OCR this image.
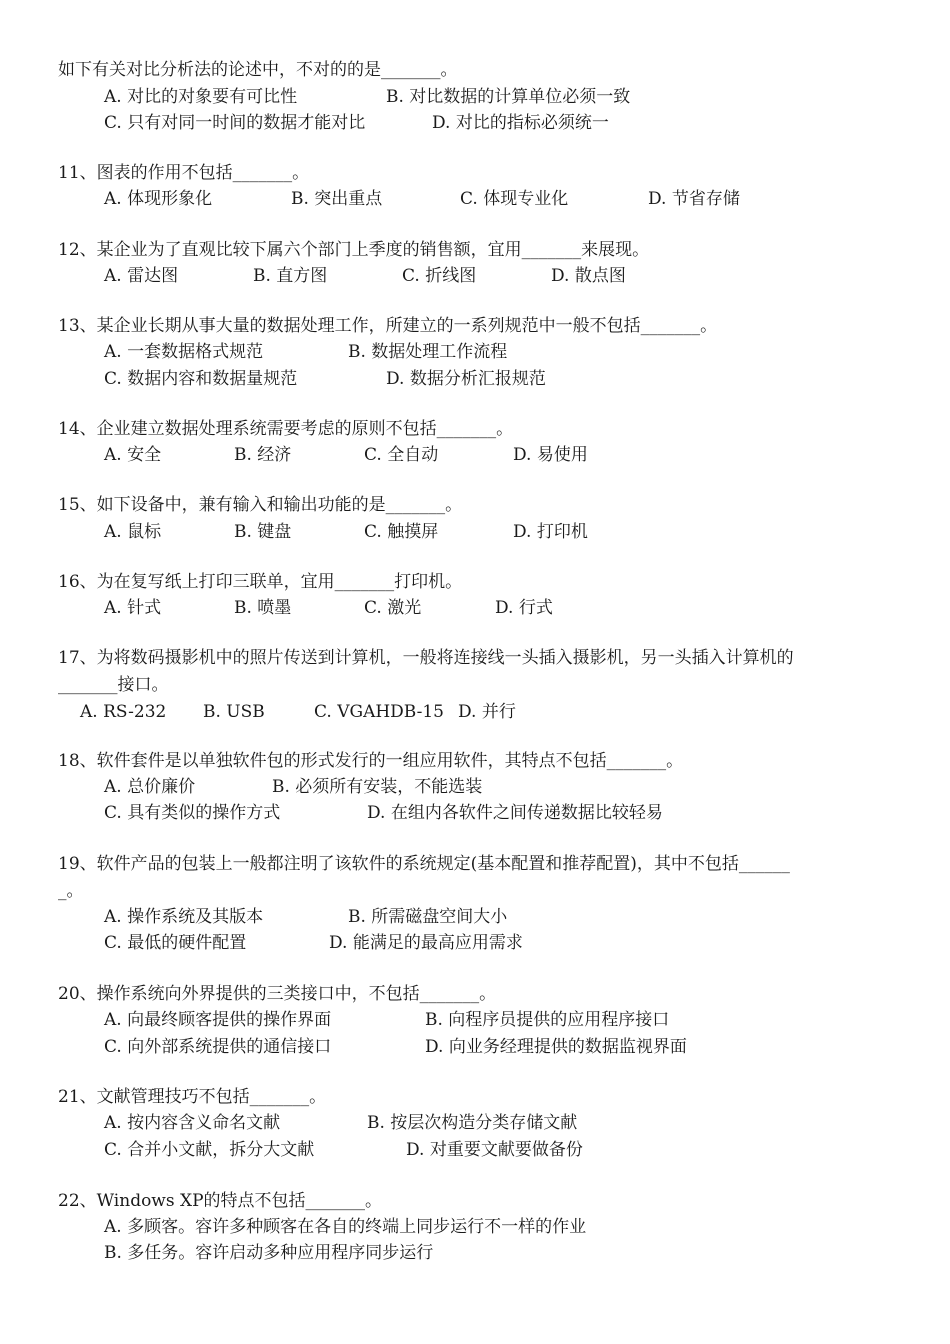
如下有关对比分析法的论述中，不对的的是_______。
A. 对比的对象要有可比性	B. 对比数据的计算单位必须一致
C. 只有对同一时间的数据才能对比	D. 对比的指标必须统一
11、图表的作用不包括_______。
A. 体现形象化	B. 突出重点	C. 体现专业化	D. 节省存储
12、某企业为了直观比较下属六个部门上季度的销售额，宜用_______来展现。
A. 雷达图	B. 直方图	C. 折线图	D. 散点图
13、某企业长期从事大量的数据处理工作，所建立的一系列规范中一般不包括_______。
A. 一套数据格式规范	B. 数据处理工作流程
C. 数据内容和数据量规范	D. 数据分析汇报规范
14、企业建立数据处理系统需要考虑的原则不包括_______。
A. 安全	B. 经济	C. 全自动	D. 易使用
15、如下设备中，兼有输入和输出功能的是_______。
A. 鼠标	B. 键盘	C. 触摸屏	D. 打印机
16、为在复写纸上打印三联单，宜用_______打印机。
A. 针式	B. 喷墨	C. 激光	D. 行式
17、为将数码摄影机中的照片传送到计算机，一般将连接线一头插入摄影机，另一头插入计算机的
_______接口。
A. RS-232 B. USB	C. VGAHDB-15 D. 并行
18、软件套件是以单独软件包的形式发行的一组应用软件，其特点不包括_______。
A. 总价廉价	B. 必须所有安装，不能选装
C. 具有类似的操作方式	D. 在组内各软件之间传递数据比较轻易
19、软件产品的包装上一般都注明了该软件的系统规定(基本配置和推荐配置)，其中不包括______
_。
A. 操作系统及其版本	B. 所需磁盘空间大小
C. 最低的硬件配置	D. 能满足的最高应用需求
20、操作系统向外界提供的三类接口中，不包括_______。
A. 向最终顾客提供的操作界面	B. 向程序员提供的应用程序接口
C. 向外部系统提供的通信接口	D. 向业务经理提供的数据监视界面
21、文献管理技巧不包括_______。
A. 按内容含义命名文献	B. 按层次构造分类存储文献
C. 合并小文献，拆分大文献	D. 对重要文献要做备份
22、Windows XP的特点不包括_______。
A. 多顾客。容许多种顾客在各自的终端上同步运行不一样的作业
B. 多任务。容许启动多种应用程序同步运行
